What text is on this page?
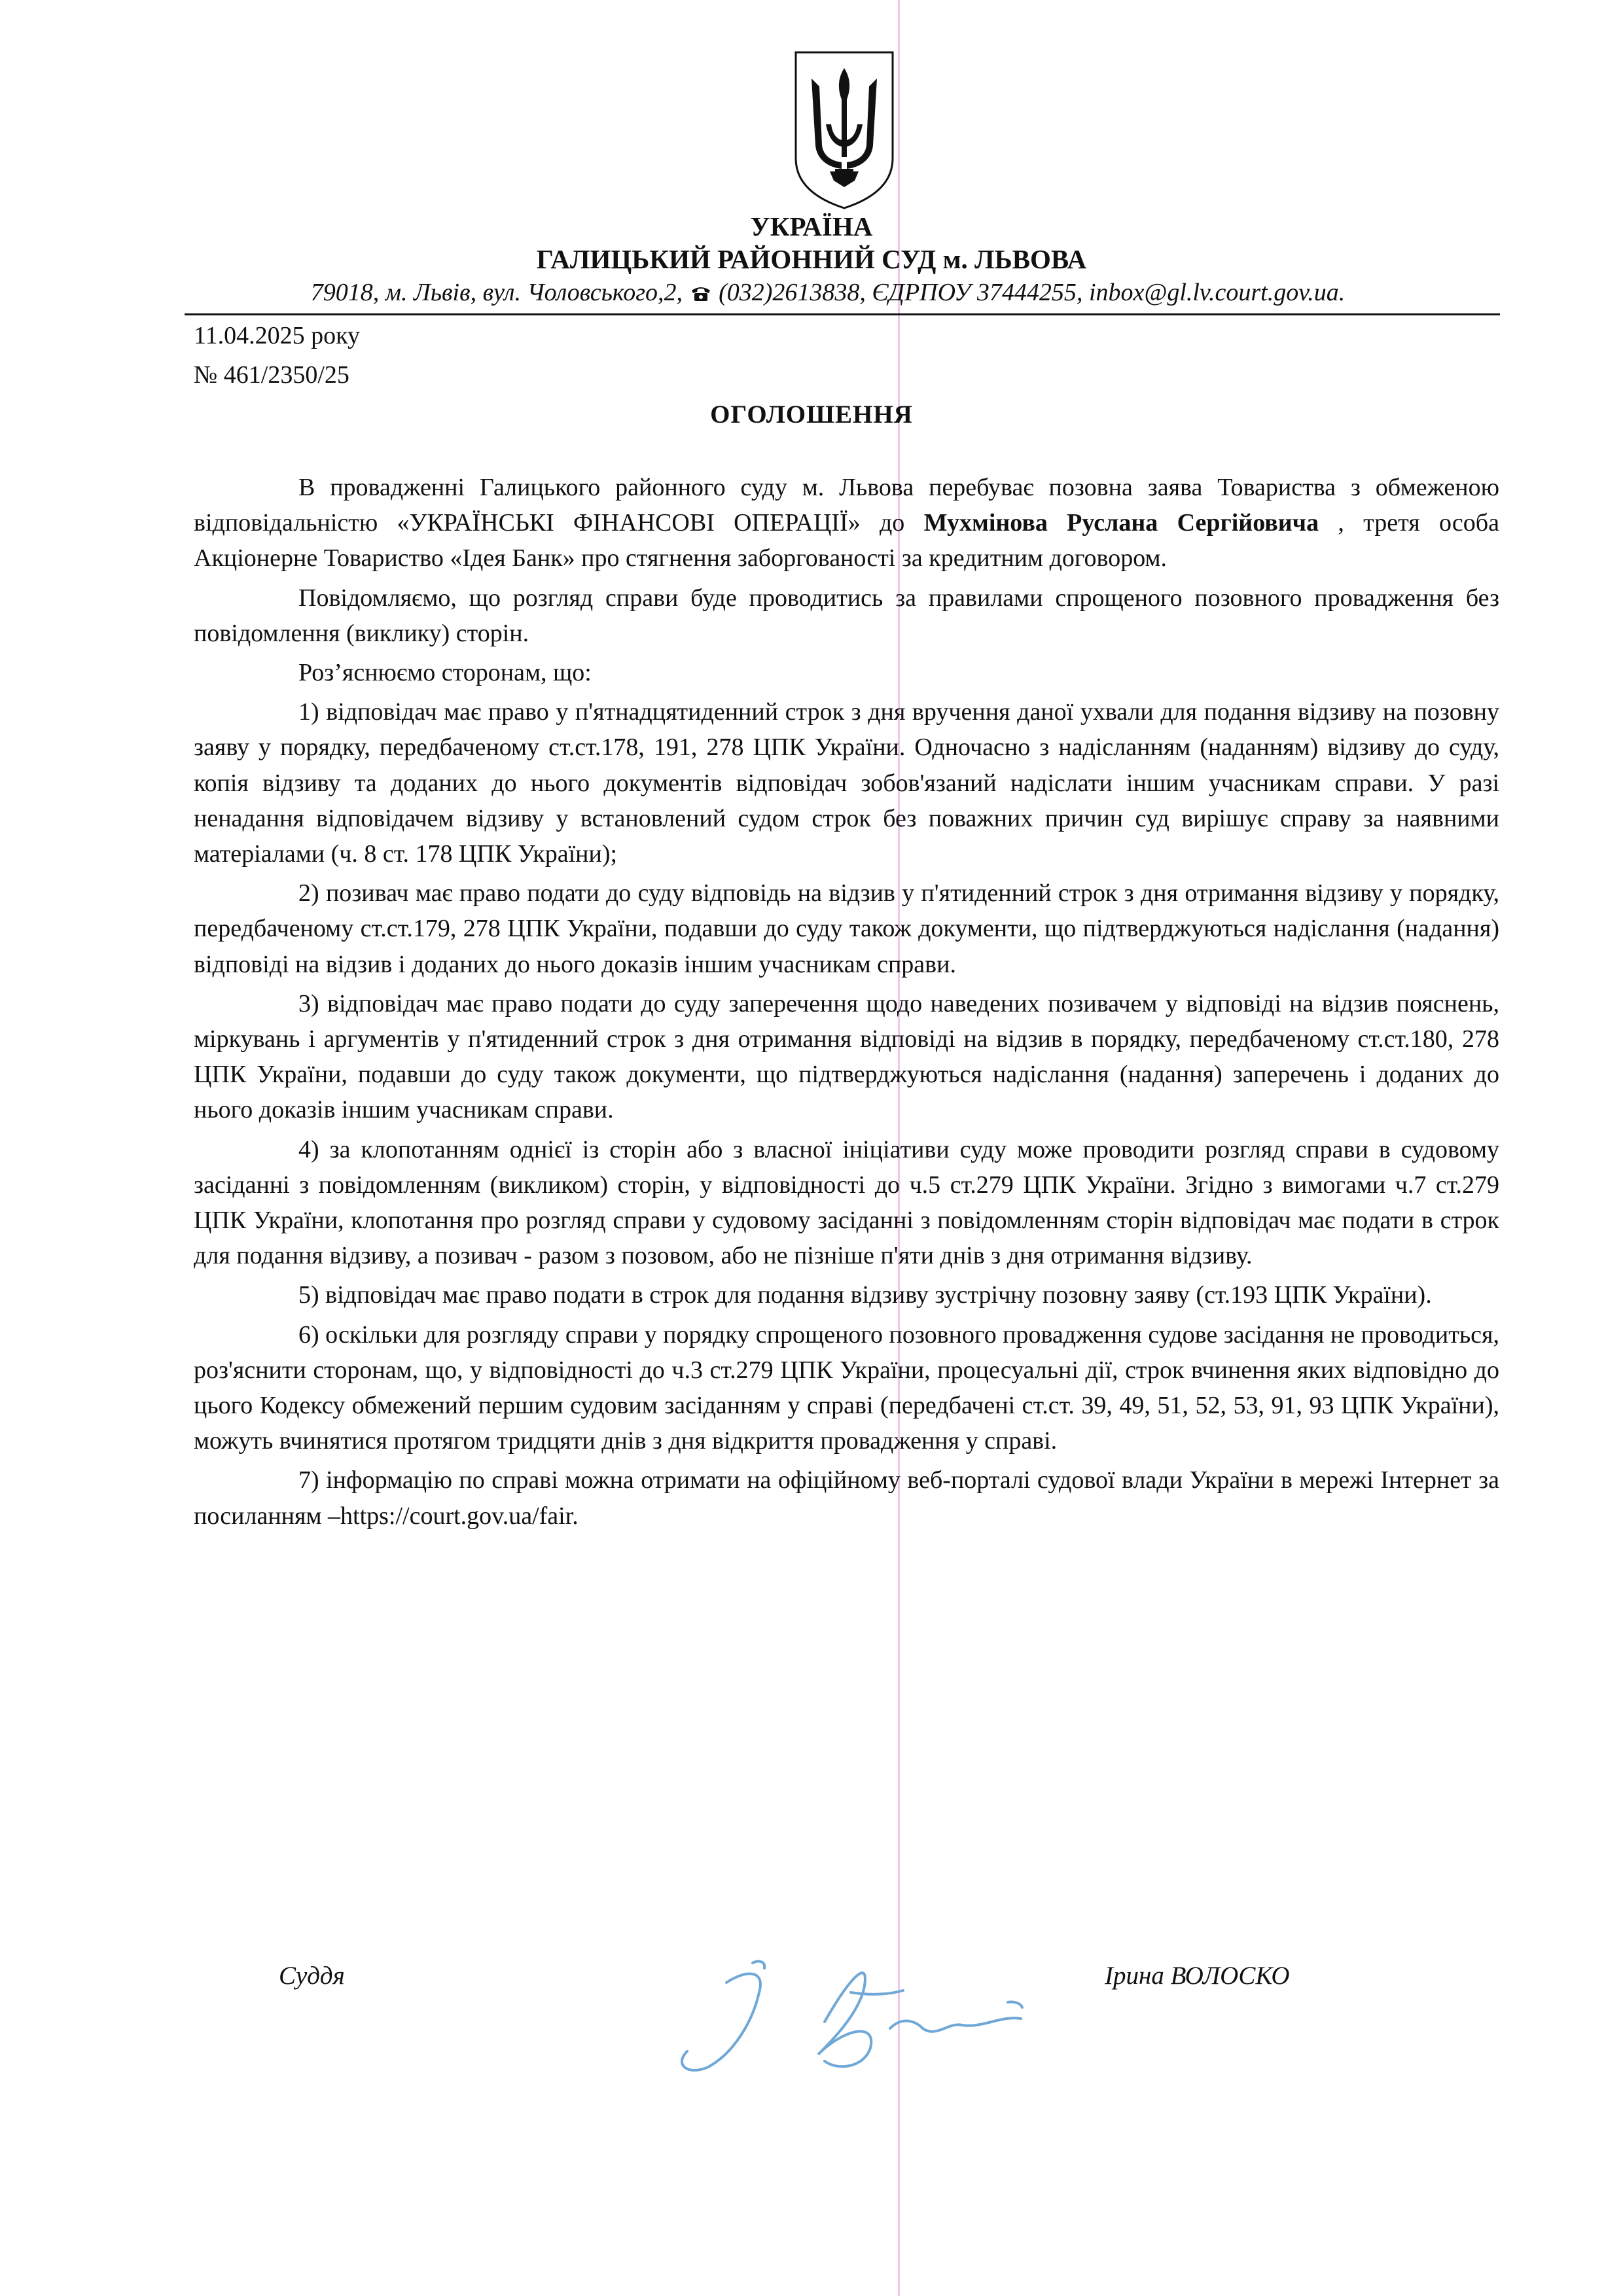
УКРАЇНА
ГАЛИЦЬКИЙ РАЙОННИЙ СУД м. ЛЬВОВА
79018, м. Львів, вул. Чоловського,2, (032)2613838, ЄДРПОУ 37444255, inbox@gl.lv.court.gov.ua.
11.04.2025 року
№ 461/2350/25
ОГОЛОШЕННЯ

В провадженні Галицького районного суду м. Львова перебуває позовна заява Товариства з обмеженою відповідальністю «УКРАЇНСЬКІ ФІНАНСОВІ ОПЕРАЦІЇ» до Мухмінова Руслана Сергійовича , третя особа Акціонерне Товариство «Ідея Банк» про стягнення заборгованості за кредитним договором.

Повідомляємо, що розгляд справи буде проводитись за правилами спрощеного позовного провадження без повідомлення (виклику) сторін.

Роз’яснюємо сторонам, що:

1) відповідач має право у п'ятнадцятиденний строк з дня вручення даної ухвали для подання відзиву на позовну заяву у порядку, передбаченому ст.ст.178, 191, 278 ЦПК України. Одночасно з надісланням (наданням) відзиву до суду, копія відзиву та доданих до нього документів відповідач зобов'язаний надіслати іншим учасникам справи. У разі ненадання відповідачем відзиву у встановлений судом строк без поважних причин суд вирішує справу за наявними матеріалами (ч. 8 ст. 178 ЦПК України);

2) позивач має право подати до суду відповідь на відзив у п'ятиденний строк з дня отримання відзиву у порядку, передбаченому ст.ст.179, 278 ЦПК України, подавши до суду також документи, що підтверджуються надіслання (надання) відповіді на відзив і доданих до нього доказів іншим учасникам справи.

3) відповідач має право подати до суду заперечення щодо наведених позивачем у відповіді на відзив пояснень, міркувань і аргументів у п'ятиденний строк з дня отримання відповіді на відзив в порядку, передбаченому ст.ст.180, 278 ЦПК України, подавши до суду також документи, що підтверджуються надіслання (надання) заперечень і доданих до нього доказів іншим учасникам справи.

4) за клопотанням однієї із сторін або з власної ініціативи суду може проводити розгляд справи в судовому засіданні з повідомленням (викликом) сторін, у відповідності до ч.5 ст.279 ЦПК України. Згідно з вимогами ч.7 ст.279 ЦПК України, клопотання про розгляд справи у судовому засіданні з повідомленням сторін відповідач має подати в строк для подання відзиву, а позивач - разом з позовом, або не пізніше п'яти днів з дня отримання відзиву.

5) відповідач має право подати в строк для подання відзиву зустрічну позовну заяву (ст.193 ЦПК України).

6) оскільки для розгляду справи у порядку спрощеного позовного провадження судове засідання не проводиться, роз'яснити сторонам, що, у відповідності до ч.3 ст.279 ЦПК України, процесуальні дії, строк вчинення яких відповідно до цього Кодексу обмежений першим судовим засіданням у справі (передбачені ст.ст. 39, 49, 51, 52, 53, 91, 93 ЦПК України), можуть вчинятися протягом тридцяти днів з дня відкриття провадження у справі.

7) інформацію по справі можна отримати на офіційному веб-порталі судової влади України в мережі Інтернет за посиланням –https://court.gov.ua/fair.

Суддя	Ірина ВОЛОСКО
